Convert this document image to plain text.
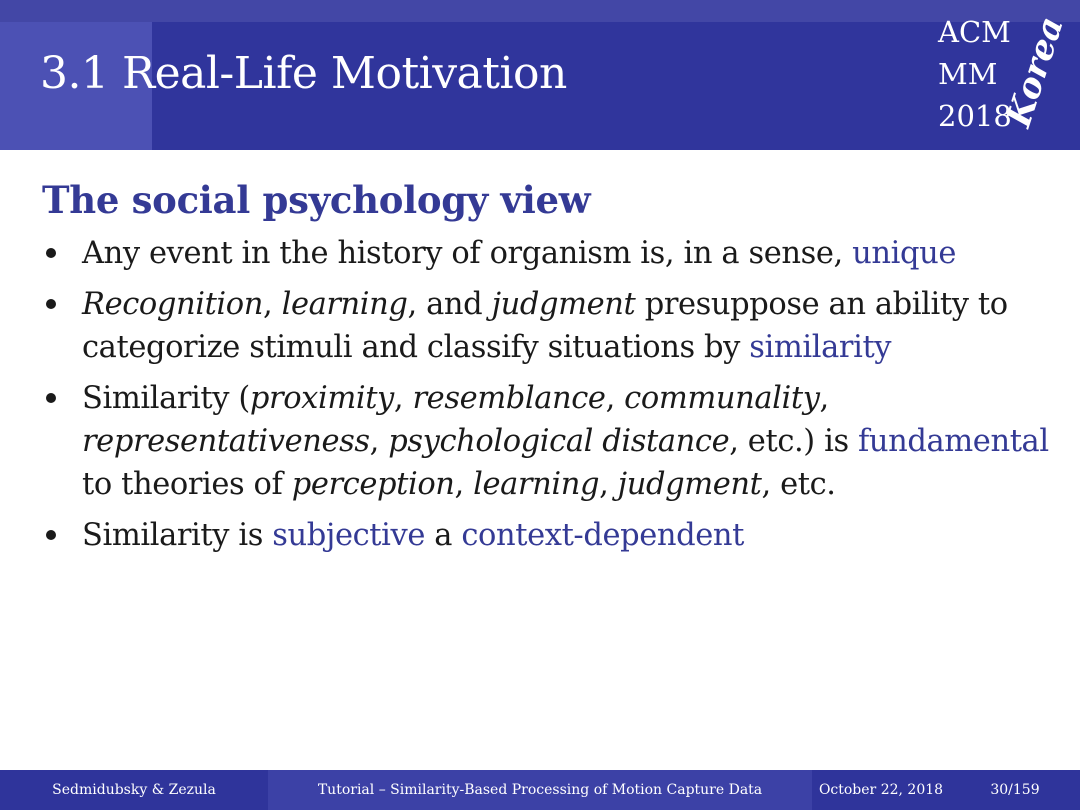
3.1 Real-Life Motivation
ACM
MM
2018
Korea
The social psychology view
Any event in the history of organism is, in a sense, unique
Recognition, learning, and judgment presuppose an ability to categorize stimuli and classify situations by similarity
Similarity (proximity, resemblance, communality, representativeness, psychological distance, etc.) is fundamental to theories of perception, learning, judgment, etc.
Similarity is subjective a context-dependent
Sedmidubsky & Zezula	Tutorial – Similarity-Based Processing of Motion Capture Data	October 22, 2018	30/159
